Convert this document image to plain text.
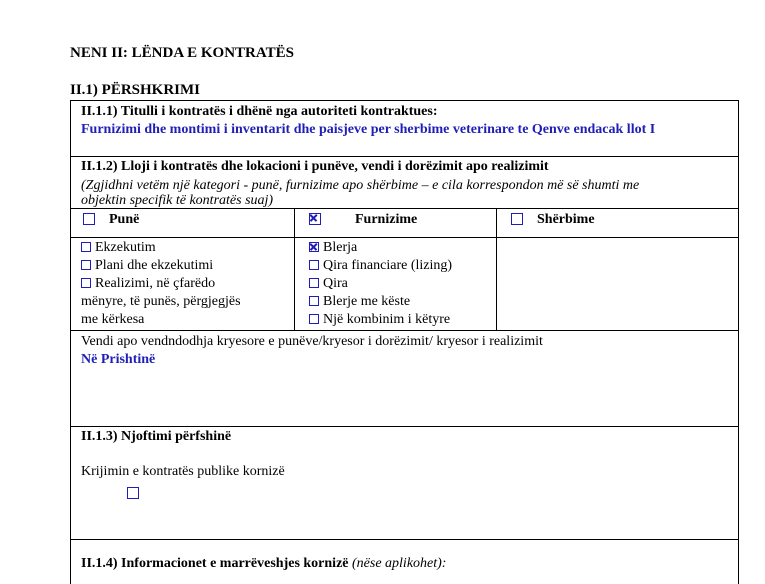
NENI II: LËNDA E KONTRATËS
II.1) PËRSHKRIMI
II.1.1) Titulli i kontratës i dhënë nga autoriteti kontraktues:
Furnizimi dhe montimi i inventarit dhe paisjeve per sherbime veterinare te Qenve endacak llot I
II.1.2) Lloji i kontratës dhe lokacioni i punëve, vendi i dorëzimit apo realizimit
(Zgjidhni vetëm një kategori - punë, furnizime apo shërbime – e cila korrespondon më së shumti me
objektin specifik të kontratës suaj)
Punë	Furnizime	Shërbime
Ekzekutim
Plani dhe ekzekutimi
Realizimi, në çfarëdo
mënyre, të punës, përgjegjës
me kërkesa
Blerja
Qira financiare (lizing)
Qira
Blerje me këste
Një kombinim i këtyre
Vendi apo vendndodhja kryesore e punëve/kryesor i dorëzimit/ kryesor i realizimit
Në Prishtinë
II.1.3) Njoftimi përfshinë
Krijimin e kontratës publike kornizë
II.1.4) Informacionet e marrëveshjes kornizë (nëse aplikohet):
